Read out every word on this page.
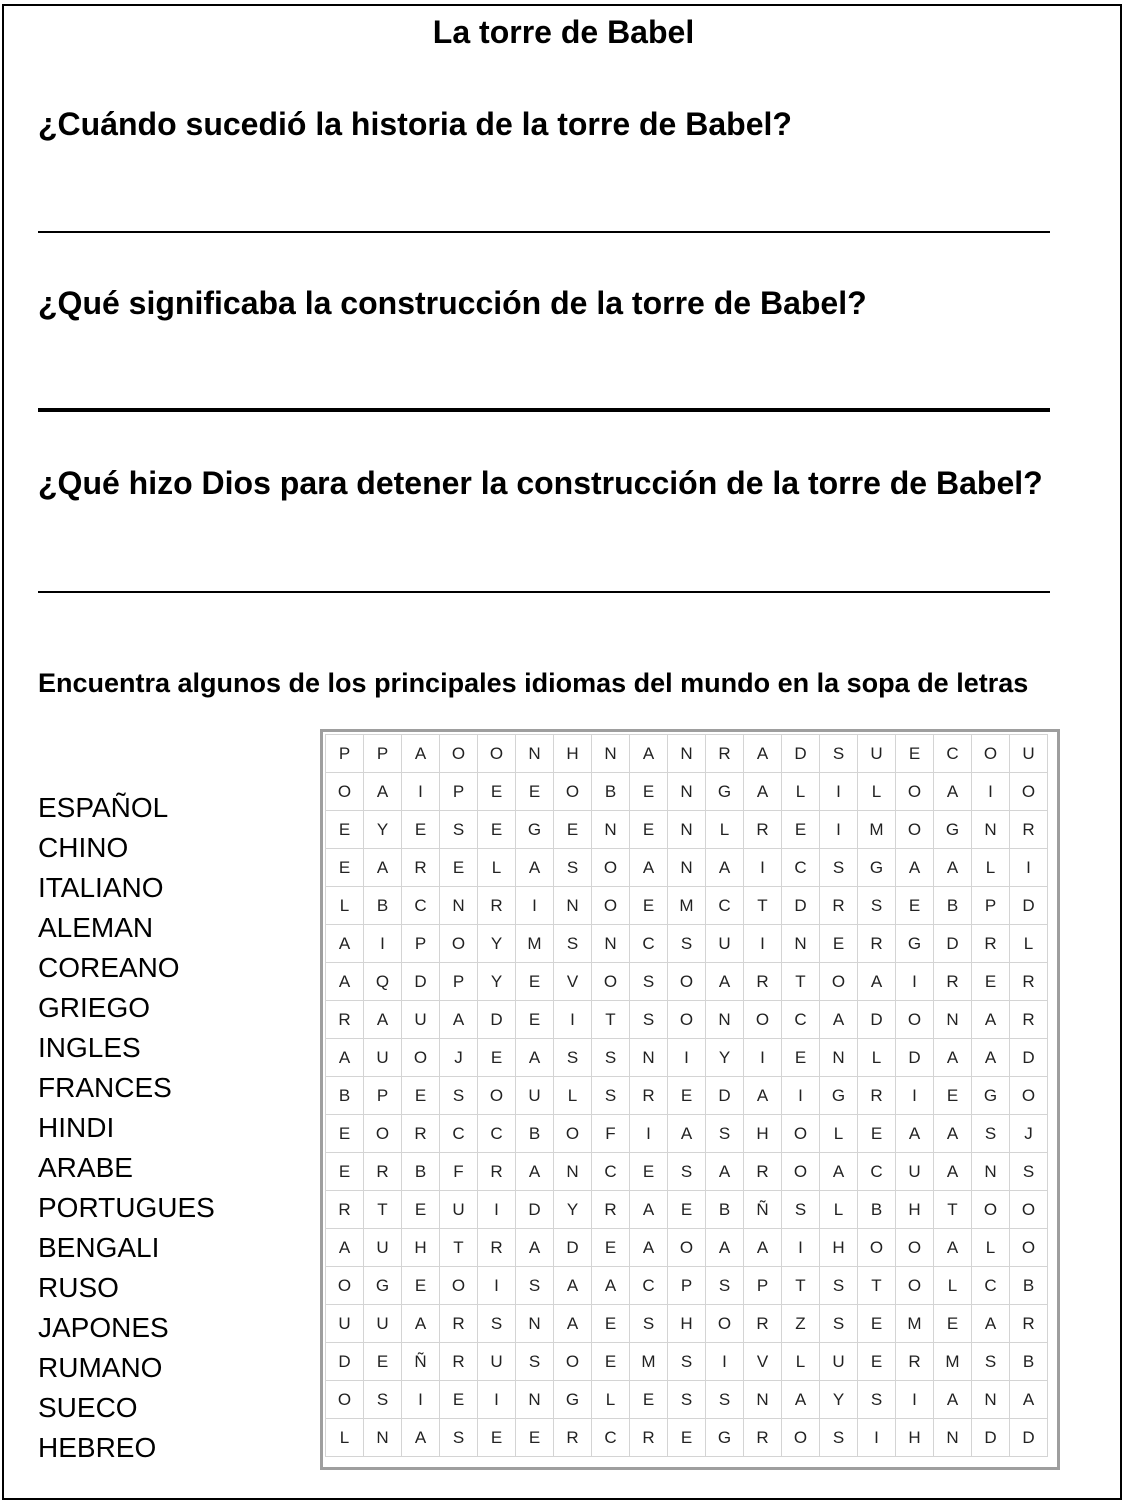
La torre de Babel
¿Cuándo sucedió la historia de la torre de Babel?
¿Qué significaba la construcción de la torre de Babel?
¿Qué hizo Dios para detener la construcción de la torre de Babel?
Encuentra algunos de los principales idiomas del mundo en la sopa de letras
ESPAÑOL
CHINO
ITALIANO
ALEMAN
COREANO
GRIEGO
INGLES
FRANCES
HINDI
ARABE
PORTUGUES
BENGALI
RUSO
JAPONES
RUMANO
SUECO
HEBREO
P	P	A	O	O	N	H	N	A	N	R	A	D	S	U	E	C	O	U
O	A	I	P	E	E	O	B	E	N	G	A	L	I	L	O	A	I	O
E	Y	E	S	E	G	E	N	E	N	L	R	E	I	M	O	G	N	R
E	A	R	E	L	A	S	O	A	N	A	I	C	S	G	A	A	L	I
L	B	C	N	R	I	N	O	E	M	C	T	D	R	S	E	B	P	D
A	I	P	O	Y	M	S	N	C	S	U	I	N	E	R	G	D	R	L
A	Q	D	P	Y	E	V	O	S	O	A	R	T	O	A	I	R	E	R
R	A	U	A	D	E	I	T	S	O	N	O	C	A	D	O	N	A	R
A	U	O	J	E	A	S	S	N	I	Y	I	E	N	L	D	A	A	D
B	P	E	S	O	U	L	S	R	E	D	A	I	G	R	I	E	G	O
E	O	R	C	C	B	O	F	I	A	S	H	O	L	E	A	A	S	J
E	R	B	F	R	A	N	C	E	S	A	R	O	A	C	U	A	N	S
R	T	E	U	I	D	Y	R	A	E	B	Ñ	S	L	B	H	T	O	O
A	U	H	T	R	A	D	E	A	O	A	A	I	H	O	O	A	L	O
O	G	E	O	I	S	A	A	C	P	S	P	T	S	T	O	L	C	B
U	U	A	R	S	N	A	E	S	H	O	R	Z	S	E	M	E	A	R
D	E	Ñ	R	U	S	O	E	M	S	I	V	L	U	E	R	M	S	B
O	S	I	E	I	N	G	L	E	S	S	N	A	Y	S	I	A	N	A
L	N	A	S	E	E	R	C	R	E	G	R	O	S	I	H	N	D	D
